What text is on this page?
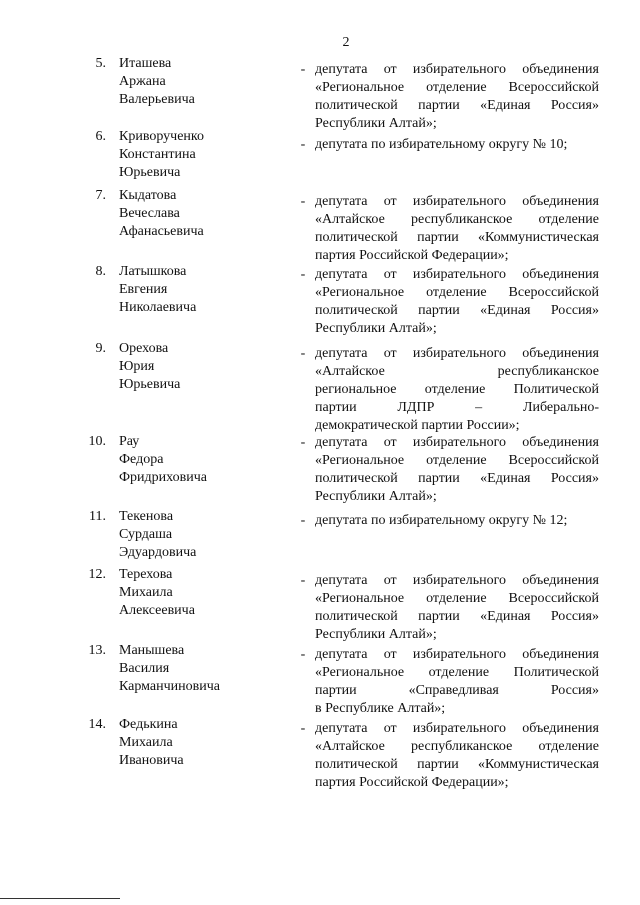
2
5. Иташева
Аржана
Валерьевича
- депутата от избирательного объединения
«Региональное отделение Всероссийской
политической партии «Единая Россия»
Республики Алтай»;
6. Криворученко
Константина
Юрьевича
- депутата по избирательному округу № 10;
7. Кыдатова
Вечеслава
Афанасьевича
- депутата от избирательного объединения
«Алтайское республиканское отделение
политической партии «Коммунистическая
партия Российской Федерации»;
8. Латышкова
Евгения
Николаевича
- депутата от избирательного объединения
«Региональное отделение Всероссийской
политической партии «Единая Россия»
Республики Алтай»;
9. Орехова
Юрия
Юрьевича
- депутата от избирательного объединения
«Алтайское республиканское
региональное отделение Политической
партии ЛДПР – Либерально-
демократической партии России»;
10. Рау
Федора
Фридриховича
- депутата от избирательного объединения
«Региональное отделение Всероссийской
политической партии «Единая Россия»
Республики Алтай»;
11. Текенова
Сурдаша
Эдуардовича
- депутата по избирательному округу № 12;
12. Терехова
Михаила
Алексеевича
- депутата от избирательного объединения
«Региональное отделение Всероссийской
политической партии «Единая Россия»
Республики Алтай»;
13. Манышева
Василия
Карманчиновича
- депутата от избирательного объединения
«Региональное отделение Политической
партии «Справедливая Россия»
в Республике Алтай»;
14. Федькина
Михаила
Ивановича
- депутата от избирательного объединения
«Алтайское республиканское отделение
политической партии «Коммунистическая
партия Российской Федерации»;
